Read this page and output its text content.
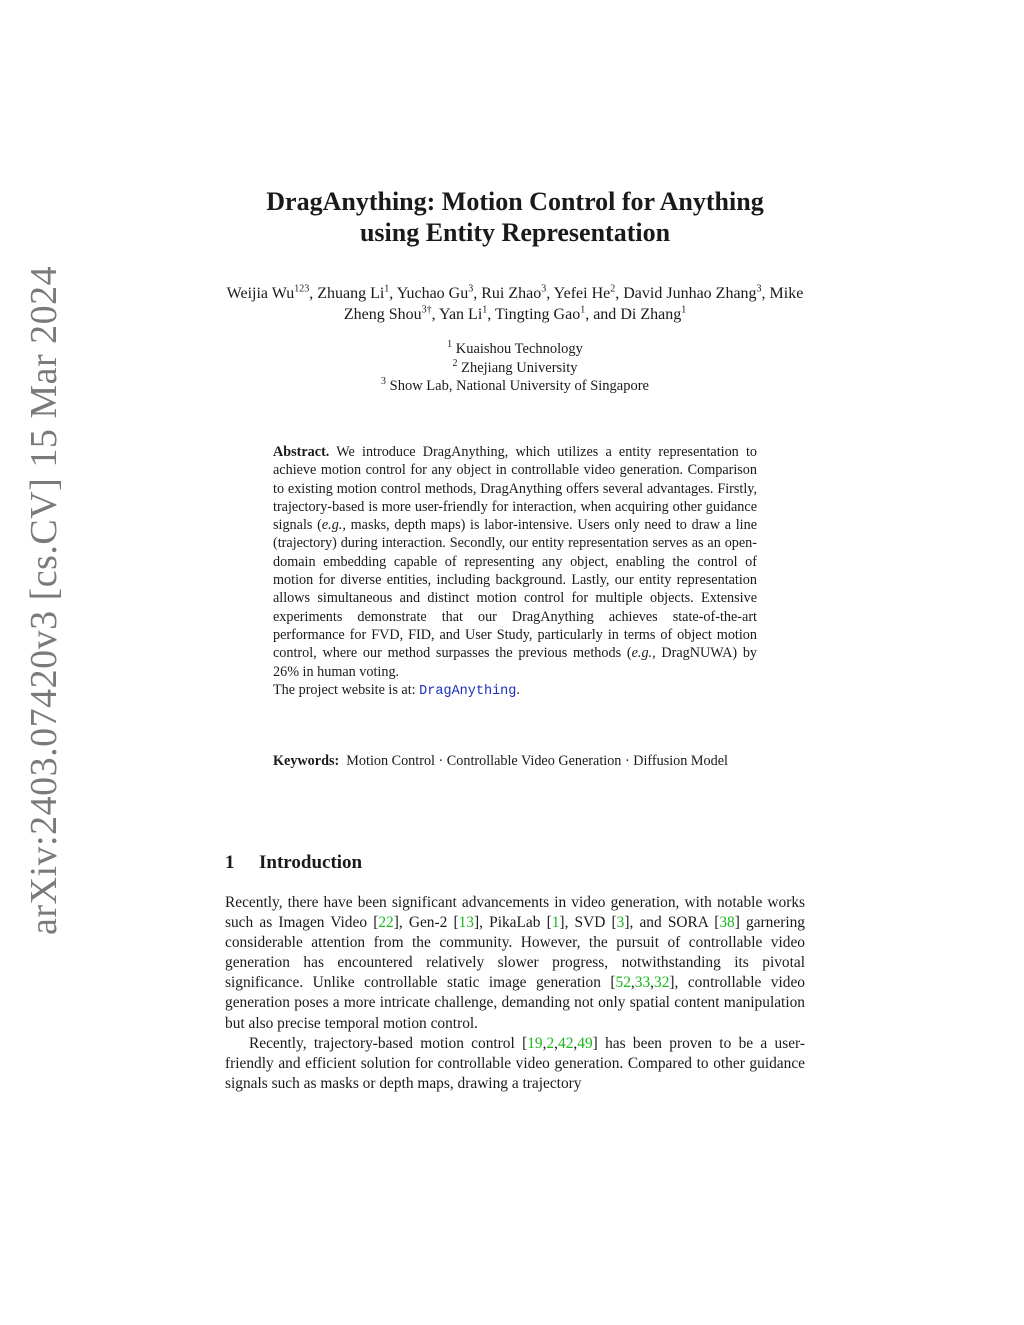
arXiv:2403.07420v3 [cs.CV] 15 Mar 2024
DragAnything: Motion Control for Anything
using Entity Representation
Weijia Wu$^{123}$, Zhuang Li$^1$, Yuchao Gu$^3$, Rui Zhao$^3$, Yefei He$^2$, David Junhao Zhang$^3$, Mike Zheng Shou$^{3\dagger}$, Yan Li$^1$, Tingting Gao$^1$, and Di Zhang$^1$
$^1$ Kuaishou Technology
$^2$ Zhejiang University
$^3$ Show Lab, National University of Singapore
Abstract. We introduce DragAnything, which utilizes a entity representation to achieve motion control for any object in controllable video generation. Comparison to existing motion control methods, DragAnything offers several advantages. Firstly, trajectory-based is more user-friendly for interaction, when acquiring other guidance signals (e.g., masks, depth maps) is labor-intensive. Users only need to draw a line (trajectory) during interaction. Secondly, our entity representation serves as an open-domain embedding capable of representing any object, enabling the control of motion for diverse entities, including background. Lastly, our entity representation allows simultaneous and distinct motion control for multiple objects. Extensive experiments demonstrate that our DragAnything achieves state-of-the-art performance for FVD, FID, and User Study, particularly in terms of object motion control, where our method surpasses the previous methods (e.g., DragNUWA) by 26% in human voting.
The project website is at: DragAnything.
Keywords: Motion Control · Controllable Video Generation · Diffusion Model
1 Introduction

Recently, there have been significant advancements in video generation, with notable works such as Imagen Video [22], Gen-2 [13], PikaLab [1], SVD [3], and SORA [38] garnering considerable attention from the community. However, the pursuit of controllable video generation has encountered relatively slower progress, notwithstanding its pivotal significance. Unlike controllable static image generation [52,33,32], controllable video generation poses a more intricate challenge, demanding not only spatial content manipulation but also precise temporal motion control.

Recently, trajectory-based motion control [19,2,42,49] has been proven to be a user-friendly and efficient solution for controllable video generation. Compared to other guidance signals such as masks or depth maps, drawing a trajectory
